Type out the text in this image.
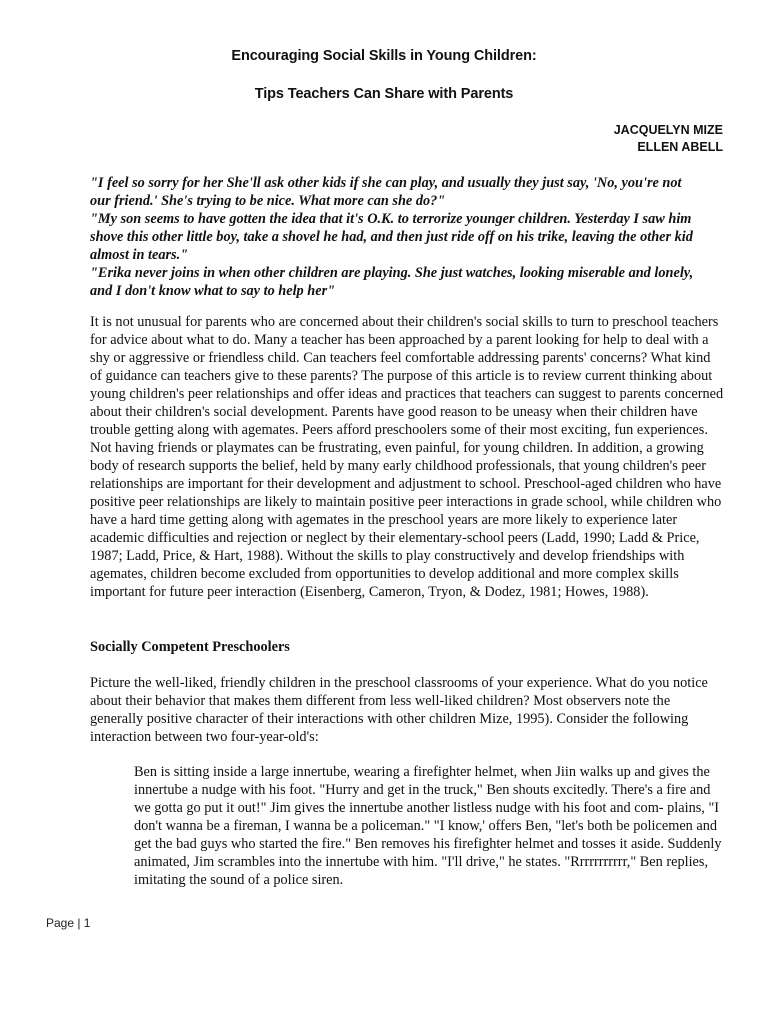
Encouraging Social Skills in Young Children:
Tips Teachers Can Share with Parents
JACQUELYN MIZE
ELLEN ABELL

"I feel so sorry for her She'll ask other kids if she can play, and usually they just say, 'No, you're not our friend.' She's trying to be nice. What more can she do?"

"My son seems to have gotten the idea that it's O.K. to terrorize younger children. Yesterday I saw him shove this other little boy, take a shovel he had, and then just ride off on his trike, leaving the other kid almost in tears."

"Erika never joins in when other children are playing. She just watches, looking miserable and lonely, and I don't know what to say to help her"

It is not unusual for parents who are concerned about their children's social skills to turn to preschool teachers for advice about what to do. Many a teacher has been approached by a parent looking for help to deal with a shy or aggressive or friendless child. Can teachers feel comfortable addressing parents' concerns? What kind of guidance can teachers give to these parents? The purpose of this article is to review current thinking about young children's peer relationships and offer ideas and practices that teachers can suggest to parents concerned about their children's social development. Parents have good reason to be uneasy when their children have trouble getting along with agemates. Peers afford preschoolers some of their most exciting, fun experiences. Not having friends or playmates can be frustrating, even painful, for young children. In addition, a growing body of research supports the belief, held by many early childhood professionals, that young children's peer relationships are important for their development and adjustment to school. Preschool-aged children who have positive peer relationships are likely to maintain positive peer interactions in grade school, while children who have a hard time getting along with agemates in the preschool years are more likely to experience later academic difficulties and rejection or neglect by their elementary-school peers (Ladd, 1990; Ladd & Price, 1987; Ladd, Price, & Hart, 1988). Without the skills to play constructively and develop friendships with agemates, children become excluded from opportunities to develop additional and more complex skills important for future peer interaction (Eisenberg, Cameron, Tryon, & Dodez, 1981; Howes, 1988).

Socially Competent Preschoolers

Picture the well-liked, friendly children in the preschool classrooms of your experience. What do you notice about their behavior that makes them different from less well-liked children? Most observers note the generally positive character of their interactions with other children Mize, 1995). Consider the following interaction between two four-year-old's:

Ben is sitting inside a large innertube, wearing a firefighter helmet, when Jiin walks up and gives the innertube a nudge with his foot. "Hurry and get in the truck," Ben shouts excitedly. There's a fire and we gotta go put it out!" Jim gives the innertube another listless nudge with his foot and com- plains, "I don't wanna be a fireman, I wanna be a policeman." "I know,' offers Ben, "let's both be policemen and get the bad guys who started the fire." Ben removes his firefighter helmet and tosses it aside. Suddenly animated, Jim scrambles into the innertube with him. "I'll drive," he states. "Rrrrrrrrrrr," Ben replies, imitating the sound of a police siren.

Page | 1
